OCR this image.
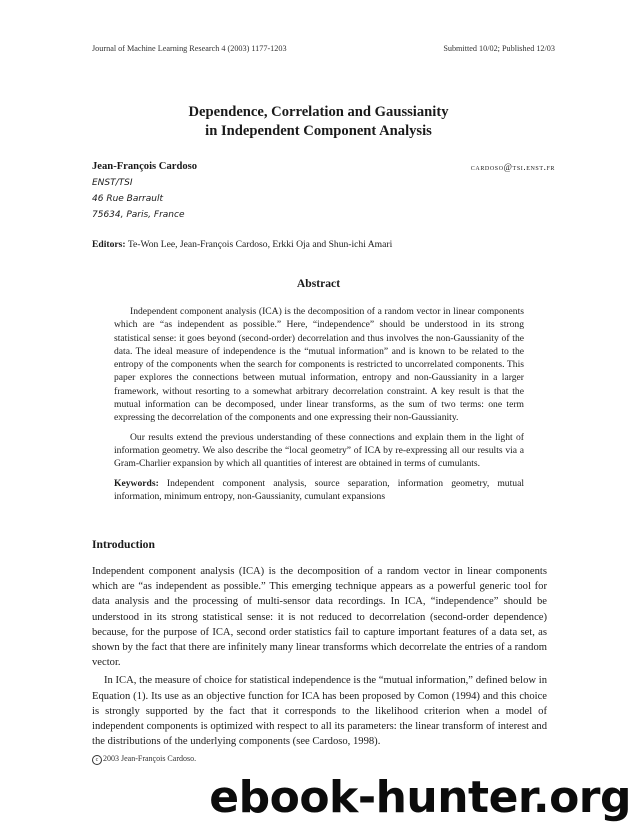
Journal of Machine Learning Research 4 (2003) 1177-1203	Submitted 10/02; Published 12/03
Dependence, Correlation and Gaussianity
in Independent Component Analysis
Jean-François Cardoso	cardoso@tsi.enst.fr
ENST/TSI
46 Rue Barrault
75634, Paris, France
Editors: Te-Won Lee, Jean-François Cardoso, Erkki Oja and Shun-ichi Amari
Abstract

Independent component analysis (ICA) is the decomposition of a random vector in linear components which are “as independent as possible.” Here, “independence” should be understood in its strong statistical sense: it goes beyond (second-order) decorrelation and thus involves the non-Gaussianity of the data. The ideal measure of independence is the “mutual information” and is known to be related to the entropy of the components when the search for components is restricted to uncorrelated components. This paper explores the connections between mutual information, entropy and non-Gaussianity in a larger framework, without resorting to a somewhat arbitrary decorrelation constraint. A key result is that the mutual information can be decomposed, under linear transforms, as the sum of two terms: one term expressing the decorrelation of the components and one expressing their non-Gaussianity.

Our results extend the previous understanding of these connections and explain them in the light of information geometry. We also describe the “local geometry” of ICA by re-expressing all our results via a Gram-Charlier expansion by which all quantities of interest are obtained in terms of cumulants.

Keywords: Independent component analysis, source separation, information geometry, mutual information, minimum entropy, non-Gaussianity, cumulant expansions

Introduction

Independent component analysis (ICA) is the decomposition of a random vector in linear components which are “as independent as possible.” This emerging technique appears as a powerful generic tool for data analysis and the processing of multi-sensor data recordings. In ICA, “independence” should be understood in its strong statistical sense: it is not reduced to decorrelation (second-order dependence) because, for the purpose of ICA, second order statistics fail to capture important features of a data set, as shown by the fact that there are infinitely many linear transforms which decorrelate the entries of a random vector.

In ICA, the measure of choice for statistical independence is the “mutual information,” defined below in Equation (1). Its use as an objective function for ICA has been proposed by Comon (1994) and this choice is strongly supported by the fact that it corresponds to the likelihood criterion when a model of independent components is optimized with respect to all its parameters: the linear transform of interest and the distributions of the underlying components (see Cardoso, 1998).

c 2003 Jean-François Cardoso.
ebook-hunter.org
